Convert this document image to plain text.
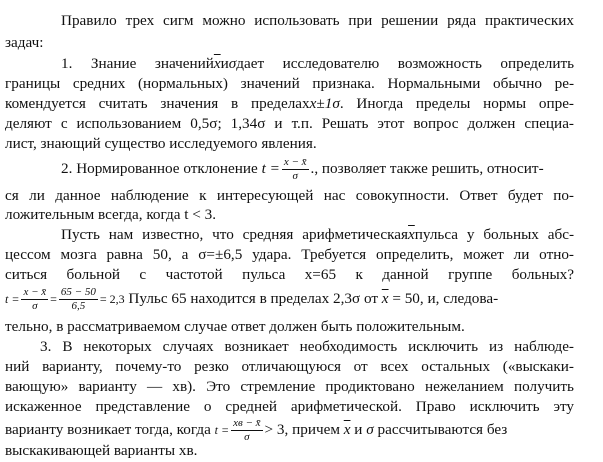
Правило трех сигм можно использовать при решении ряда практических
задач:
1. Знание $значений\overline{x}и\sigma дает$ исследователю возможность определить
границы средних (нормальных) значений признака. Нормальными обычно ре-
комендуется считать значения в пределахx±1σ. Иногда пределы нормы опре-
деляют с использованием 0,5σ; 1,34σ и т.п. Решать этот вопрос должен специа-
лист, знающий существо исследуемого явления.
2. Нормированное отклонение $t = \frac{x - x̄}{\sigma}$ ., позволяет также решить, относит-
ся ли данное наблюдение к интересующей нас совокупности. Ответ будет по-
ложительным всегда, когда t < 3.
Пусть нам известно, что средняя $арифметическая\overline{x}пульса$ у больных абс-
цессом мозга равна 50, а σ=±6,5 удара. Требуется определить, может ли отно-
ситься больной с частотой пульса x=65 к данной группе больных?
$t = \frac{x - x̄}{\sigma} = \frac{65 - 50}{6,5} = 2,3$ Пульс 65 находится в пределах 2,3σ от $\overline{x} = 50$, и, следова-
тельно, в рассматриваемом случае ответ должен быть положительным.
3. В некоторых случаях возникает необходимость исключить из наблюде-
ний варианту, почему-то резко отличающуюся от всех остальных («выскаки-
вающую» варианту — xв). Это стремление продиктовано нежеланием получить
искаженное представление о средней арифметической. Право исключить эту
варианту возникает тогда, когда $t = \frac{xв - x̄}{\sigma} > 3$, причем $\overline{x}$ и σ рассчитываются без
выскакивающей варианты xв.
